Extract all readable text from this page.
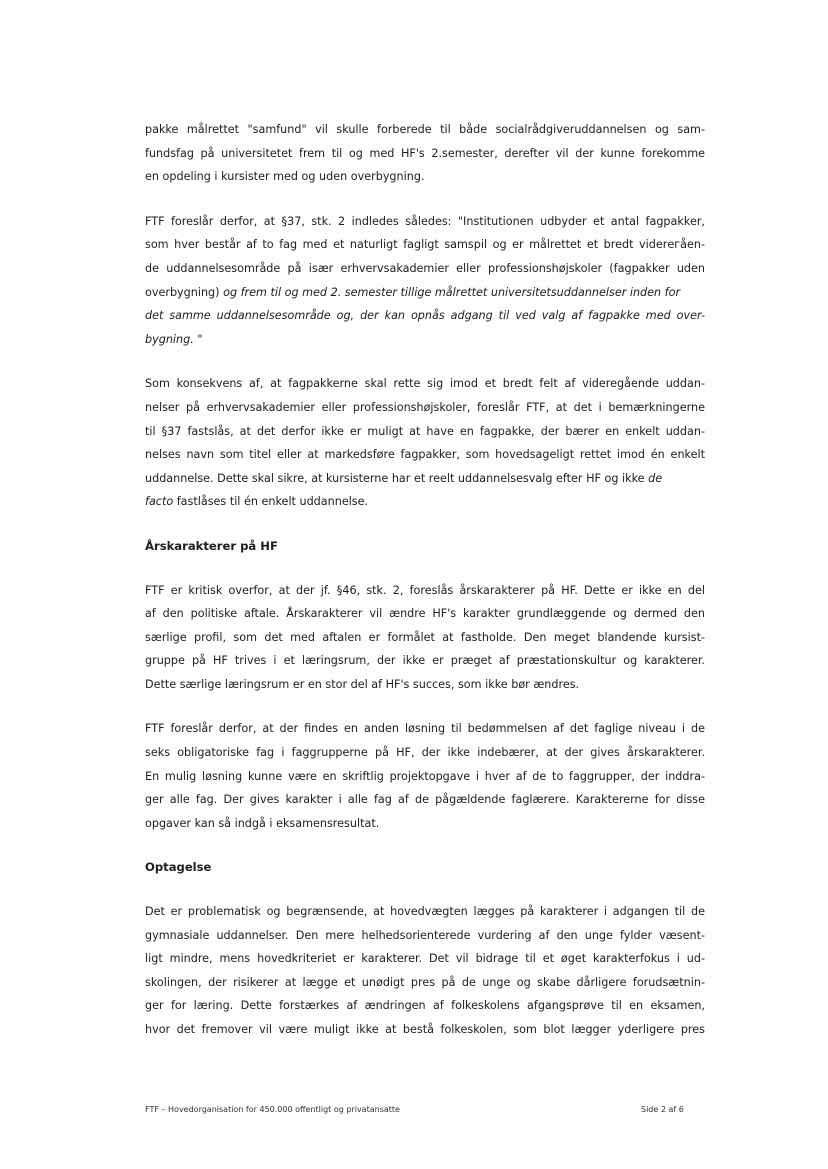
pakke målrettet "samfund" vil skulle forberede til både socialrådgiveruddannelsen og sam-
fundsfag på universitetet frem til og med HF's 2.semester, derefter vil der kunne forekomme
en opdeling i kursister med og uden overbygning.

FTF foreslår derfor, at §37, stk. 2 indledes således: "Institutionen udbyder et antal fagpakker,
som hver består af to fag med et naturligt fagligt samspil og er målrettet et bredt viderегåen-
de uddannelsesområde på især erhvervsakademier eller professionshøjskoler (fagpakker uden
overbygning) og frem til og med 2. semester tillige målrettet universitetsuddannelser inden for
det samme uddannelsesområde og, der kan opnås adgang til ved valg af fagpakke med over-
bygning. "

Som konsekvens af, at fagpakkerne skal rette sig imod et bredt felt af videregående uddan-
nelser på erhvervsakademier eller professionshøjskoler, foreslår FTF, at det i bemærkningerne
til §37 fastslås, at det derfor ikke er muligt at have en fagpakke, der bærer en enkelt uddan-
nelses navn som titel eller at markedsføre fagpakker, som hovedsageligt rettet imod én enkelt
uddannelse. Dette skal sikre, at kursisterne har et reelt uddannelsesvalg efter HF og ikke de
facto fastlåses til én enkelt uddannelse.

Årskarakterer på HF

FTF er kritisk overfor, at der jf. §46, stk. 2, foreslås årskarakterer på HF. Dette er ikke en del
af den politiske aftale. Årskarakterer vil ændre HF's karakter grundlæggende og dermed den
særlige profil, som det med aftalen er formålet at fastholde. Den meget blandende kursist-
gruppe på HF trives i et læringsrum, der ikke er præget af præstationskultur og karakterer.
Dette særlige læringsrum er en stor del af HF's succes, som ikke bør ændres.

FTF foreslår derfor, at der findes en anden løsning til bedømmelsen af det faglige niveau i de
seks obligatoriske fag i faggrupperne på HF, der ikke indebærer, at der gives årskarakterer.
En mulig løsning kunne være en skriftlig projektopgave i hver af de to faggrupper, der inddra-
ger alle fag. Der gives karakter i alle fag af de pågældende faglærere. Karaktererne for disse
opgaver kan så indgå i eksamensresultat.

Optagelse

Det er problematisk og begrænsende, at hovedvægten lægges på karakterer i adgangen til de
gymnasiale uddannelser. Den mere helhedsorienterede vurdering af den unge fylder væsent-
ligt mindre, mens hovedkriteriet er karakterer. Det vil bidrage til et øget karakterfokus i ud-
skolingen, der risikerer at lægge et unødigt pres på de unge og skabe dårligere forudsætnin-
ger for læring. Dette forstærkes af ændringen af folkeskolens afgangsprøve til en eksamen,
hvor det fremover vil være muligt ikke at bestå folkeskolen, som blot lægger yderligere pres

FTF – Hovedorganisation for 450.000 offentligt og privatansatte	Side 2 af 6
